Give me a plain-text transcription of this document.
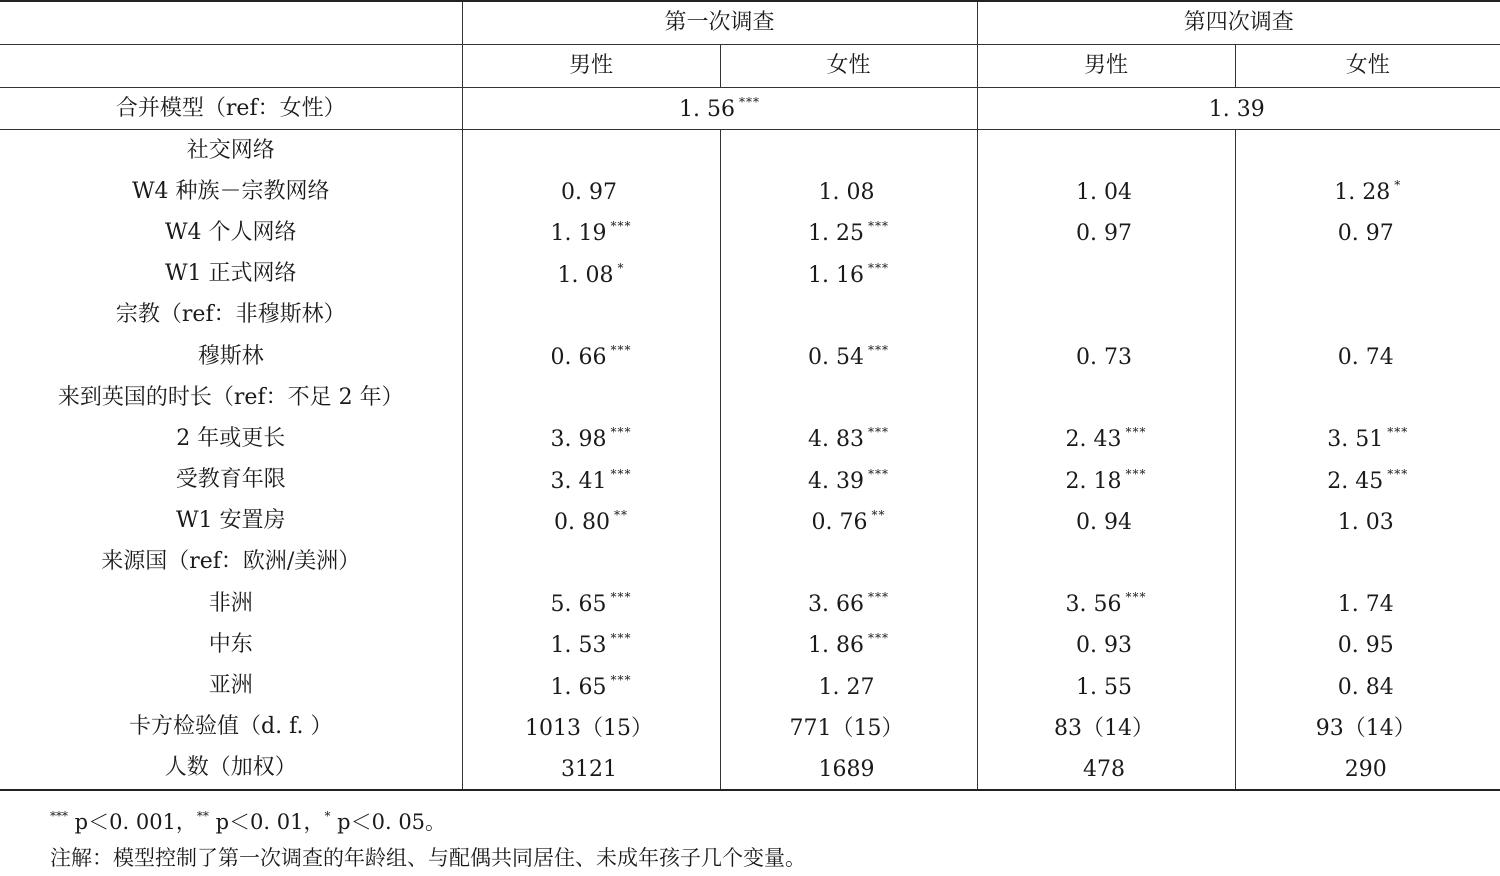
	第一次调查		第四次调查	
	男性	女性	男性	女性
合并模型（ref：女性）	1. 56 ***		1. 39	
社交网络				
W4 种族－宗教网络	0. 97	1. 08	1. 04	1. 28 *
W4 个人网络	1. 19 ***	1. 25 ***	0. 97	0. 97
W1 正式网络	1. 08 *	1. 16 ***		
宗教（ref：非穆斯林）				
穆斯林	0. 66 ***	0. 54 ***	0. 73	0. 74
来到英国的时长（ref：不足 2 年）				
2 年或更长	3. 98 ***	4. 83 ***	2. 43 ***	3. 51 ***
受教育年限	3. 41 ***	4. 39 ***	2. 18 ***	2. 45 ***
W1 安置房	0. 80 **	0. 76 **	0. 94	1. 03
来源国（ref：欧洲/美洲）				
非洲	5. 65 ***	3. 66 ***	3. 56 ***	1. 74
中东	1. 53 ***	1. 86 ***	0. 93	0. 95
亚洲	1. 65 ***	1. 27	1. 55	0. 84
卡方检验值（d. f. ）	1013（15）	771（15）	83（14）	93（14）
人数（加权）	3121	1689	478	290
*** p＜0. 001，** p＜0. 01，* p＜0. 05。
注解：模型控制了第一次调查的年龄组、与配偶共同居住、未成年孩子几个变量。
